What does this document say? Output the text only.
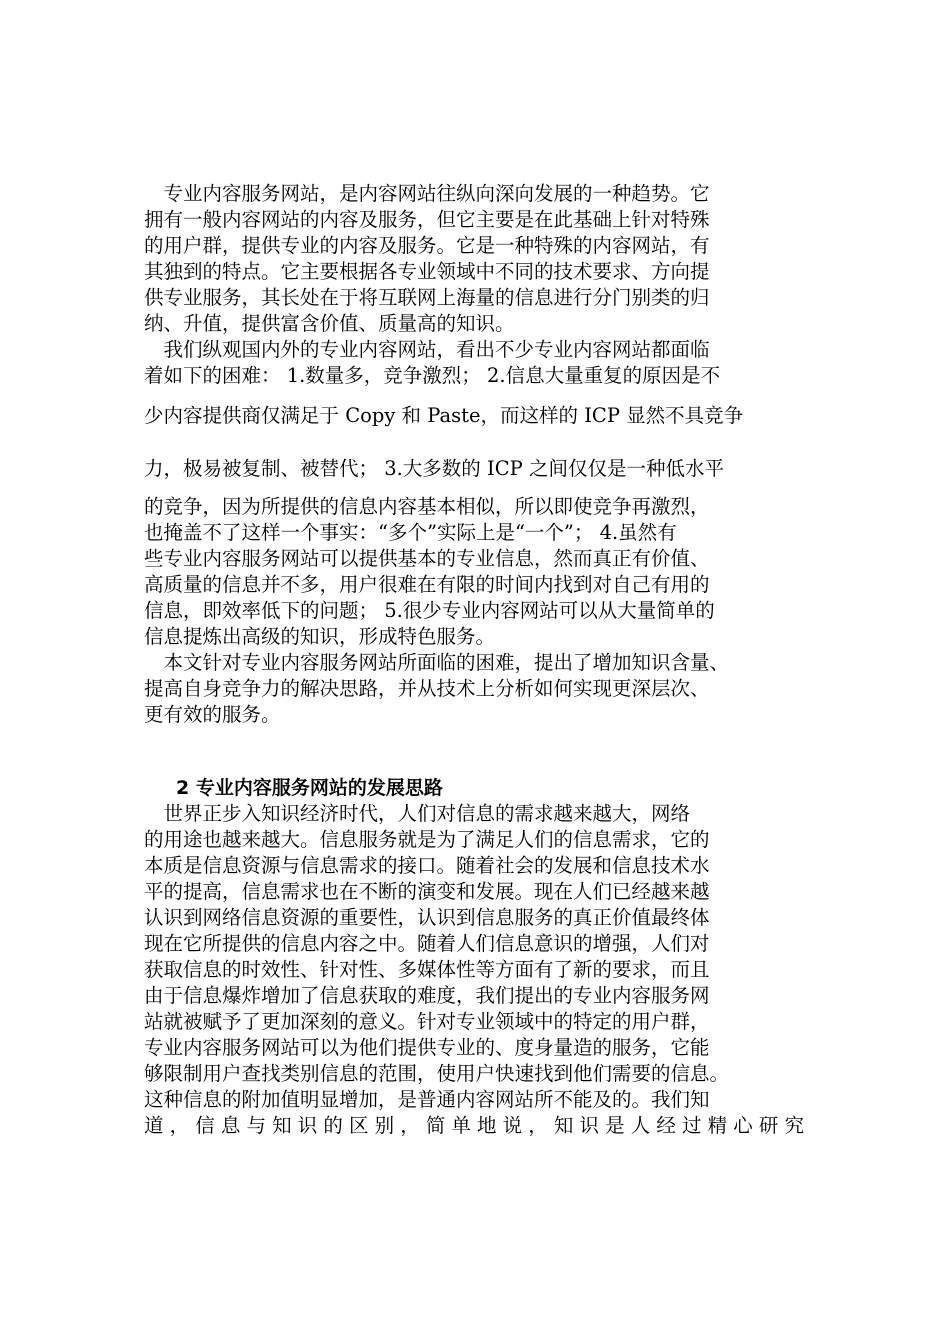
　专业内容服务网站，是内容网站往纵向深向发展的一种趋势。它

拥有一般内容网站的内容及服务，但它主要是在此基础上针对特殊

的用户群，提供专业的内容及服务。它是一种特殊的内容网站，有

其独到的特点。它主要根据各专业领域中不同的技术要求、方向提

供专业服务，其长处在于将互联网上海量的信息进行分门别类的归

纳、升值，提供富含价值、质量高的知识。

　我们纵观国内外的专业内容网站，看出不少专业内容网站都面临

着如下的困难： 1.数量多，竞争激烈； 2.信息大量重复的原因是不

少内容提供商仅满足于 Copy 和 Paste，而这样的 ICP 显然不具竞争

力，极易被复制、被替代； 3.大多数的 ICP 之间仅仅是一种低水平

的竞争，因为所提供的信息内容基本相似，所以即使竞争再激烈，

也掩盖不了这样一个事实：“多个”实际上是“一个”； 4.虽然有

些专业内容服务网站可以提供基本的专业信息，然而真正有价值、

高质量的信息并不多，用户很难在有限的时间内找到对自己有用的

信息，即效率低下的问题； 5.很少专业内容网站可以从大量简单的

信息提炼出高级的知识，形成特色服务。

　本文针对专业内容服务网站所面临的困难，提出了增加知识含量、

提高自身竞争力的解决思路，并从技术上分析如何实现更深层次、

更有效的服务。

2 专业内容服务网站的发展思路

　世界正步入知识经济时代，人们对信息的需求越来越大，网络

的用途也越来越大。信息服务就是为了满足人们的信息需求，它的

本质是信息资源与信息需求的接口。随着社会的发展和信息技术水

平的提高，信息需求也在不断的演变和发展。现在人们已经越来越

认识到网络信息资源的重要性，认识到信息服务的真正价值最终体

现在它所提供的信息内容之中。随着人们信息意识的增强，人们对

获取信息的时效性、针对性、多媒体性等方面有了新的要求，而且

由于信息爆炸增加了信息获取的难度，我们提出的专业内容服务网

站就被赋予了更加深刻的意义。针对专业领域中的特定的用户群，

专业内容服务网站可以为他们提供专业的、度身量造的服务，它能

够限制用户查找类别信息的范围，使用户快速找到他们需要的信息。

这种信息的附加值明显增加，是普通内容网站所不能及的。我们知

道，信息与知识的区别，简单地说，知识是人经过精心研究
